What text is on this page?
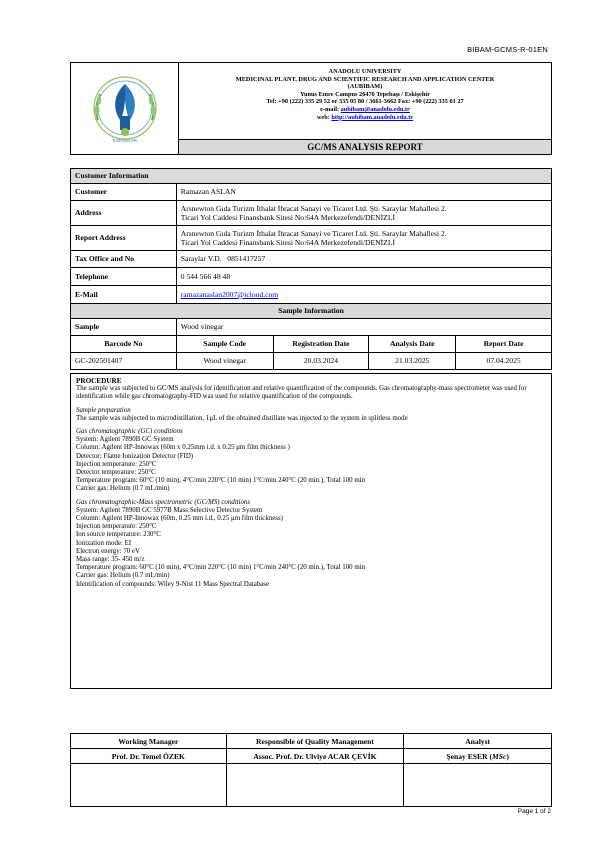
BIBAM-GCMS-R-01EN
ESKİŞEHİR
ANADOLU UNIVERSITY
MEDICINAL PLANT, DRUG AND SCIENTIFIC RESEARCH AND APPLICATION CENTER
(AUBIBAM)
Yunus Emre Campus 26470 Tepebaşı / Eskişehir
Tel: +90 (222) 335 29 52 or 335 05 80 / 3661-3662 Fax: +90 (222) 335 01 27
e-mail: aubibam@anadolu.edu.tr
web: http://aubibam.anadolu.edu.tr
GC/MS ANALYSIS REPORT
Customer Information				
Customer	Ramazan ASLAN			
Address	Arsnewton Gıda Turizm İthalat İhracat Sanayi ve Ticaret Ltd. Şti. Saraylar Mahallesi 2.
Ticari Yol Caddesi Finansbank Sitesi No:64A Merkezefendi/DENİZLİ			

Report Address	Arsnewton Gıda Turizm İthalat İhracat Sanayi ve Ticaret Ltd. Şti. Saraylar Mahallesi 2.
Ticari Yol Caddesi Finansbank Sitesi No:64A Merkezefendi/DENİZLİ			

Tax Office and No	Saraylar V.D.   0851417257			
Telephone	0 544 566 48 48			
E-Mail	ramazanaslan2007@icloud.com			
Sample Information				
Sample	Wood vinegar			
Barcode No	Sample Code	Registration Date	Analysis Date	Report Date
GC-202501407	Wood vinegar	20.03.2024	21.03.2025	07.04.2025

PROCEDURE

The sample was subjected to GC/MS analysis for identification and relative quantification of the compounds. Gas chromatography-mass spectrometer was used for identification while gas chromatography-FID was used for relative quantification of the compounds.

Sample preparation

The sample was subjected to microdistillation, 1μL of the obtained distillate was injected to the system in splitless mode

Gas chromatographic (GC) conditions

System: Agilent 7890B GC System

Column: Agilent HP-Innowax (60m x 0.25mm i.d. x 0.25 μm film thickness )

Detector: Flame Ionization Detector (FID)

Injection temperature: 250°C

Detector temperature: 250°C

Temperature program: 60°C (10 min), 4°C/min 220°C (10 min) 1°C/min 240°C (20 min.), Total 100 min

Carrier gas: Helium (0.7 mL/min)

Gas chromatographic-Mass spectrometric (GC/MS) conditions

System: Agilent 7890B GC 5977B Mass Selective Detector System

Column: Agilent HP-Innowax (60m, 0.25 mm i.d., 0.25 μm film thickness)

Injection temperature: 250°C

Ion source temperature: 230°C

Ionization mode: EI

Electron energy: 70 eV

Mass range: 35- 450 m/z

Temperature program: 60°C (10 min), 4°C/min 220°C (10 min) 1°C/min 240°C (20 min.), Total 100 min

Carrier gas: Helium (0.7 mL/min)

Identification of compounds: Wiley 9-Nist 11 Mass Spectral Database

Working Manager	Responsible of Quality Management	Analyst
Prof. Dr. Temel ÖZEK	Assoc. Prof. Dr. Ulviye ACAR ÇEVİK	Şenay ESER (MSc)

Page 1 of 2
